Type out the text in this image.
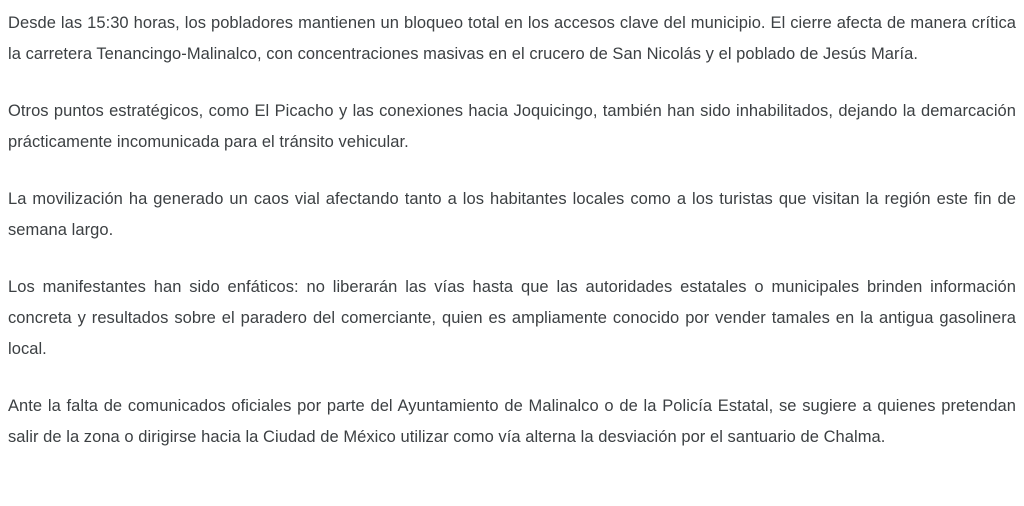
Desde las 15:30 horas, los pobladores mantienen un bloqueo total en los accesos clave del municipio. El cierre afecta de manera crítica la carretera Tenancingo-Malinalco, con concentraciones masivas en el crucero de San Nicolás y el poblado de Jesús María.

Otros puntos estratégicos, como El Picacho y las conexiones hacia Joquicingo, también han sido inhabilitados, dejando la demarcación prácticamente incomunicada para el tránsito vehicular.

La movilización ha generado un caos vial afectando tanto a los habitantes locales como a los turistas que visitan la región este fin de semana largo.

Los manifestantes han sido enfáticos: no liberarán las vías hasta que las autoridades estatales o municipales brinden información concreta y resultados sobre el paradero del comerciante, quien es ampliamente conocido por vender tamales en la antigua gasolinera local.

Ante la falta de comunicados oficiales por parte del Ayuntamiento de Malinalco o de la Policía Estatal, se sugiere a quienes pretendan salir de la zona o dirigirse hacia la Ciudad de México utilizar como vía alterna la desviación por el santuario de Chalma.
